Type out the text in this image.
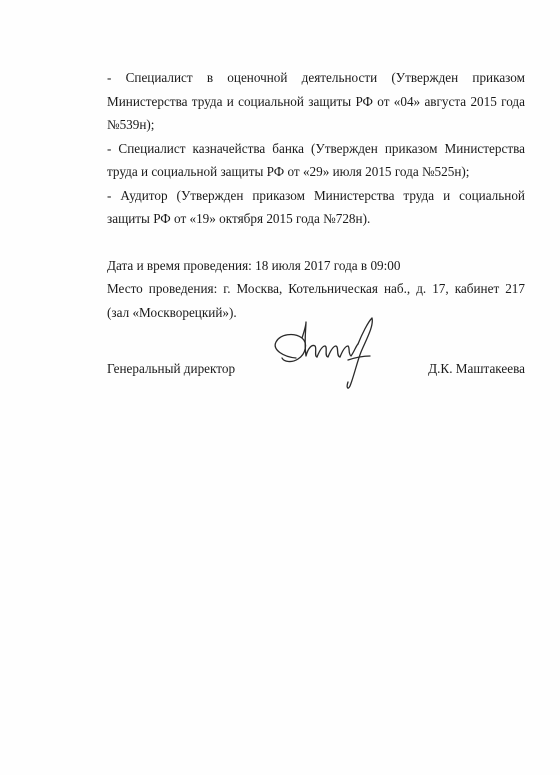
- Специалист в оценочной деятельности (Утвержден приказом Министерства труда и социальной защиты РФ от «04» августа 2015 года №539н);

- Специалист казначейства банка (Утвержден приказом Министерства труда и социальной защиты РФ от «29» июля 2015 года №525н);

- Аудитор (Утвержден приказом Министерства труда и социальной защиты РФ от «19» октября 2015 года №728н).

Дата и время проведения: 18 июля 2017 года в 09:00

Место проведения: г. Москва, Котельническая наб., д. 17, кабинет 217 (зал «Москворецкий»).

Генеральный директор	Д.К. Маштакеева
